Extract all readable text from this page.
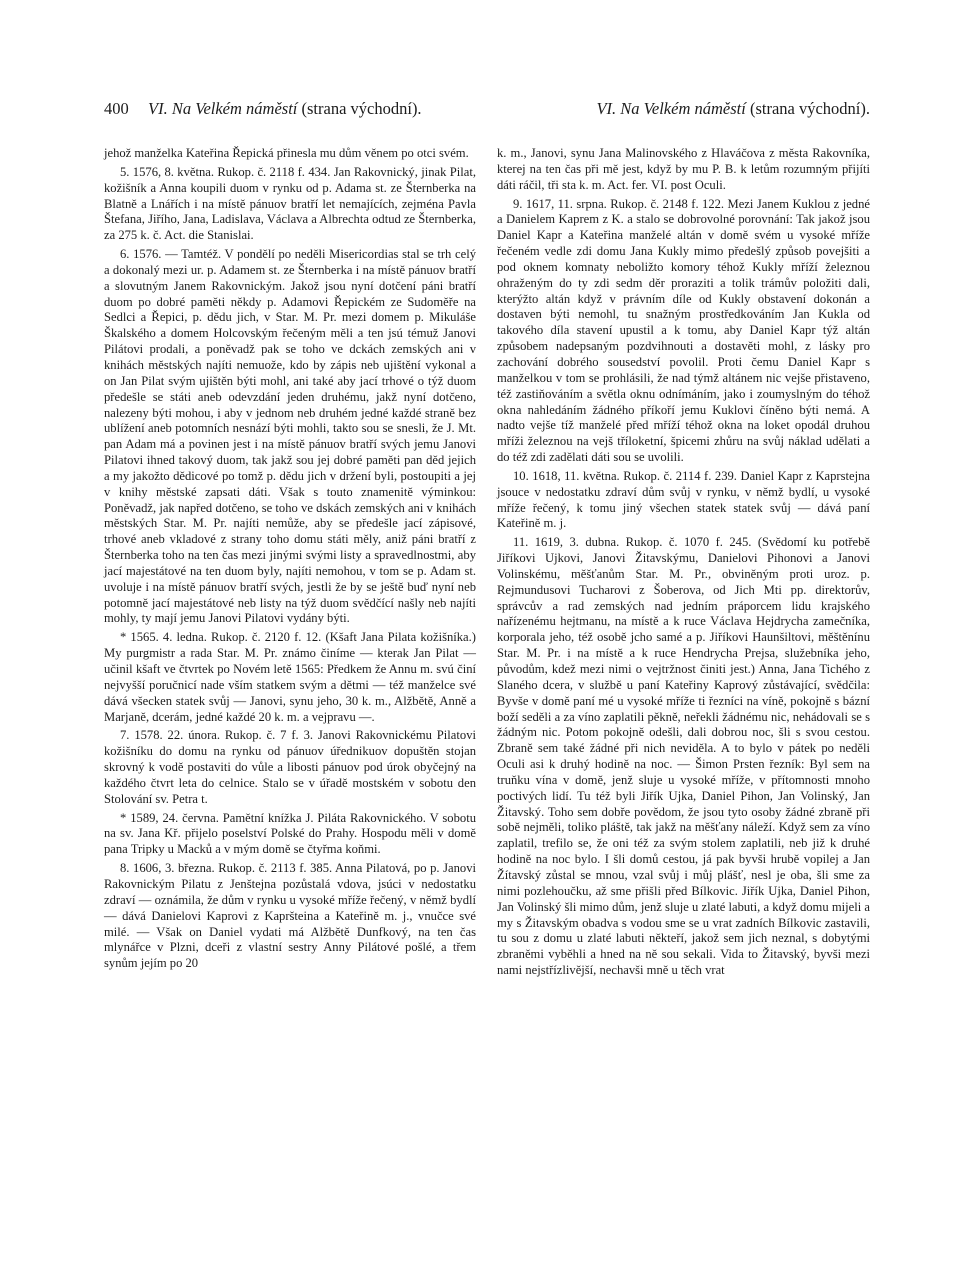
400 VI. Na Velkém náměstí (strana východní).	VI. Na Velkém náměstí (strana východní).

jehož manželka Kateřina Řepická přinesla mu dům věnem po otci svém.

5. 1576, 8. května. Rukop. č. 2118 f. 434. Jan Rakovnický, jinak Pilat, kožišník a Anna koupili duom v rynku od p. Adama st. ze Šternberka na Blatně a Lnářích i na místě pánuov bratří let nemajících, zejména Pavla Štefana, Jiřího, Jana, Ladislava, Václava a Albrechta odtud ze Šternberka, za 275 k. č. Act. die Stanislai.

6. 1576. — Tamtéž. V pondělí po neděli Misericordias stal se trh celý a dokonalý mezi ur. p. Adamem st. ze Šternberka i na místě pánuov bratří a slovutným Janem Rakovnickým. Jakož jsou nyní dotčení páni bratří duom po dobré paměti někdy p. Adamovi Řepickém ze Sudoměře na Sedlci a Řepici, p. dědu jich, v Star. M. Pr. mezi domem p. Mikuláše Škalského a domem Holcovským řečeným měli a ten jsú témuž Janovi Pilátovi prodali, a poněvadž pak se toho ve dckách zemských ani v knihách městských najíti nemuože, kdo by zápis neb ujištění vykonal a on Jan Pilat svým ujištěn býti mohl, ani také aby jací trhové o týž duom předešle se státi aneb odevzdání jeden druhému, jakž nyní dotčeno, nalezeny býti mohou, i aby v jednom neb druhém jedné každé straně bez ublížení aneb potomních nesnází býti mohli, takto sou se snesli, že J. Mt. pan Adam má a povinen jest i na místě pánuov bratří svých jemu Janovi Pilatovi ihned takový duom, tak jakž sou jej dobré paměti pan děd jejich a my jakožto dědicové po tomž p. dědu jich v držení byli, postoupiti a jej v knihy městské zapsati dáti. Však s touto znamenitě výminkou: Poněvadž, jak napřed dotčeno, se toho ve dskách zemských ani v knihách městských Star. M. Pr. najíti nemůže, aby se předešle jací zápisové, trhové aneb vkladové z strany toho domu státi měly, aniž páni bratří z Šternberka toho na ten čas mezi jinými svými listy a spravedlnostmi, aby jací majestátové na ten duom byly, najíti nemohou, v tom se p. Adam st. uvoluje i na místě pánuov bratří svých, jestli že by se ještě buď nyní neb potomně jací majestátové neb listy na týž duom svědčící našly neb najíti mohly, ty mají jemu Janovi Pilatovi vydány býti.

* 1565. 4. ledna. Rukop. č. 2120 f. 12. (Kšaft Jana Pilata kožišníka.) My purgmistr a rada Star. M. Pr. známo činíme — kterak Jan Pilat — učinil kšaft ve čtvrtek po Novém letě 1565: Předkem že Annu m. svú činí nejvyšší poručnicí nade vším statkem svým a dětmi — též manželce své dává všecken statek svůj — Janovi, synu jeho, 30 k. m., Alžbětě, Anně a Marjaně, dcerám, jedné každé 20 k. m. a vejpravu —.

7. 1578. 22. února. Rukop. č. 7 f. 3. Janovi Rakovnickému Pilatovi kožišníku do domu na rynku od pánuov úřednikuov dopuštěn stojan skrovný k vodě postaviti do vůle a libosti pánuov pod úrok obyčejný na každého čtvrt leta do celnice. Stalo se v úřadě mostském v sobotu den Stolování sv. Petra t.

* 1589, 24. června. Pamětní knížka J. Piláta Rakovnického. V sobotu na sv. Jana Kř. přijelo poselství Polské do Prahy. Hospodu měli v domě pana Tripky u Macků a v mým domě se čtyřma koňmi.

8. 1606, 3. března. Rukop. č. 2113 f. 385. Anna Pilatová, po p. Janovi Rakovnickým Pilatu z Jenštejna pozůstalá vdova, jsúci v nedostatku zdraví — oznámila, že dům v rynku u vysoké mříže řečený, v němž bydlí — dává Danielovi Kaprovi z Kapršteina a Kateřině m. j., vnučce své milé. — Však on Daniel vydati má Alžbětě Dunfkový, na ten čas mlynářce v Plzni, dceři z vlastní sestry Anny Pilátové pošlé, a třem synům jejím po 20

k. m., Janovi, synu Jana Malinovského z Hlaváčova z města Rakovníka, kterej na ten čas při mě jest, když by mu P. B. k letům rozumným přijíti dáti ráčil, tři sta k. m. Act. fer. VI. post Oculi.

9. 1617, 11. srpna. Rukop. č. 2148 f. 122. Mezi Janem Kuklou z jedné a Danielem Kaprem z K. a stalo se dobrovolné porovnání: Tak jakož jsou Daniel Kapr a Kateřina manželé altán v domě svém u vysoké mříže řečeném vedle zdi domu Jana Kukly mimo předešlý způsob povejšiti a pod oknem komnaty neboližto komory téhož Kukly mříží železnou ohraženým do ty zdi sedm děr proraziti a tolik trámův položiti dali, kterýžto altán když v právním díle od Kukly obstavení dokonán a dostaven býti nemohl, tu snažným prostředkováním Jan Kukla od takového díla stavení upustil a k tomu, aby Daniel Kapr týž altán způsobem nadepsaným pozdvihnouti a dostavěti mohl, z lásky pro zachování dobrého sousedství povolil. Proti čemu Daniel Kapr s manželkou v tom se prohlásili, že nad týmž altánem nic vejše přistaveno, též zastiňováním a světla oknu odnímáním, jako i zoumyslným do téhož okna nahledáním žádného příkoří jemu Kuklovi číněno býti nemá. A nadto vejše tíž manželé před mříží téhož okna na loket opodál druhou mříži železnou na vejš tříloketní, špicemi zhůru na svůj náklad udělati a do též zdi zadělati dáti sou se uvolili.

10. 1618, 11. května. Rukop. č. 2114 f. 239. Daniel Kapr z Kaprstejna jsouce v nedostatku zdraví dům svůj v rynku, v němž bydlí, u vysoké mříže řečený, k tomu jiný všechen statek statek svůj — dává paní Kateřině m. j.

11. 1619, 3. dubna. Rukop. č. 1070 f. 245. (Svědomí ku potřebě Jiříkovi Ujkovi, Janovi Žitavskýmu, Danielovi Pihonovi a Janovi Volinskému, měšťanům Star. M. Pr., obviněným proti uroz. p. Rejmundusovi Tucharovi z Šoberova, od Jich Mti pp. direktorův, správcův a rad zemských nad jedním práporcem lidu krajského nařízenému hejtmanu, na místě a k ruce Václava Hejdrycha zamečníka, korporala jeho, též osobě jcho samé a p. Jiříkovi Haunšiltovi, měštěnínu Star. M. Pr. i na místě a k ruce Hendrycha Prejsa, služebníka jeho, původům, kdež mezi nimi o vejtržnost činiti jest.) Anna, Jana Tichého z Slaného dcera, v službě u paní Kateřiny Kaprový zůstávající, svědčila: Byvše v domě paní mé u vysoké mříže ti řezníci na víně, pokojně s bázní boží seděli a za víno zaplatili pěkně, neřekli žádnému nic, nehádovali se s žádným nic. Potom pokojně odešli, dali dobrou noc, šli s svou cestou. Zbraně sem také žádné při nich neviděla. A to bylo v pátek po neděli Oculi asi k druhý hodině na noc. — Šimon Prsten řezník: Byl sem na truňku vína v domě, jenž sluje u vysoké mříže, v přítomnosti mnoho poctivých lidí. Tu též byli Jiřík Ujka, Daniel Pihon, Jan Volinský, Jan Žitavský. Toho sem dobře povědom, že jsou tyto osoby žádné zbraně při sobě nejměli, toliko pláště, tak jakž na měšťany náleží. Když sem za víno zaplatil, trefilo se, že oni též za svým stolem zaplatili, neb již k druhé hodině na noc bylo. I šli domů cestou, já pak byvši hrubě vopilej a Jan Žítavský zůstal se mnou, vzal svůj i můj plášť, nesl je oba, šli sme za nimi pozlehoučku, až sme přišli před Bílkovic. Jiřík Ujka, Daniel Pihon, Jan Volinský šli mimo dům, jenž sluje u zlaté labuti, a když domu mijeli a my s Žitavským obadva s vodou sme se u vrat zadních Bílkovic zastavili, tu sou z domu u zlaté labuti někteří, jakož sem jich neznal, s dobytými zbraněmi vyběhli a hned na ně sou sekali. Vida to Žitavský, byvši mezi nami nejstřízlivější, nechavši mně u těch vrat
